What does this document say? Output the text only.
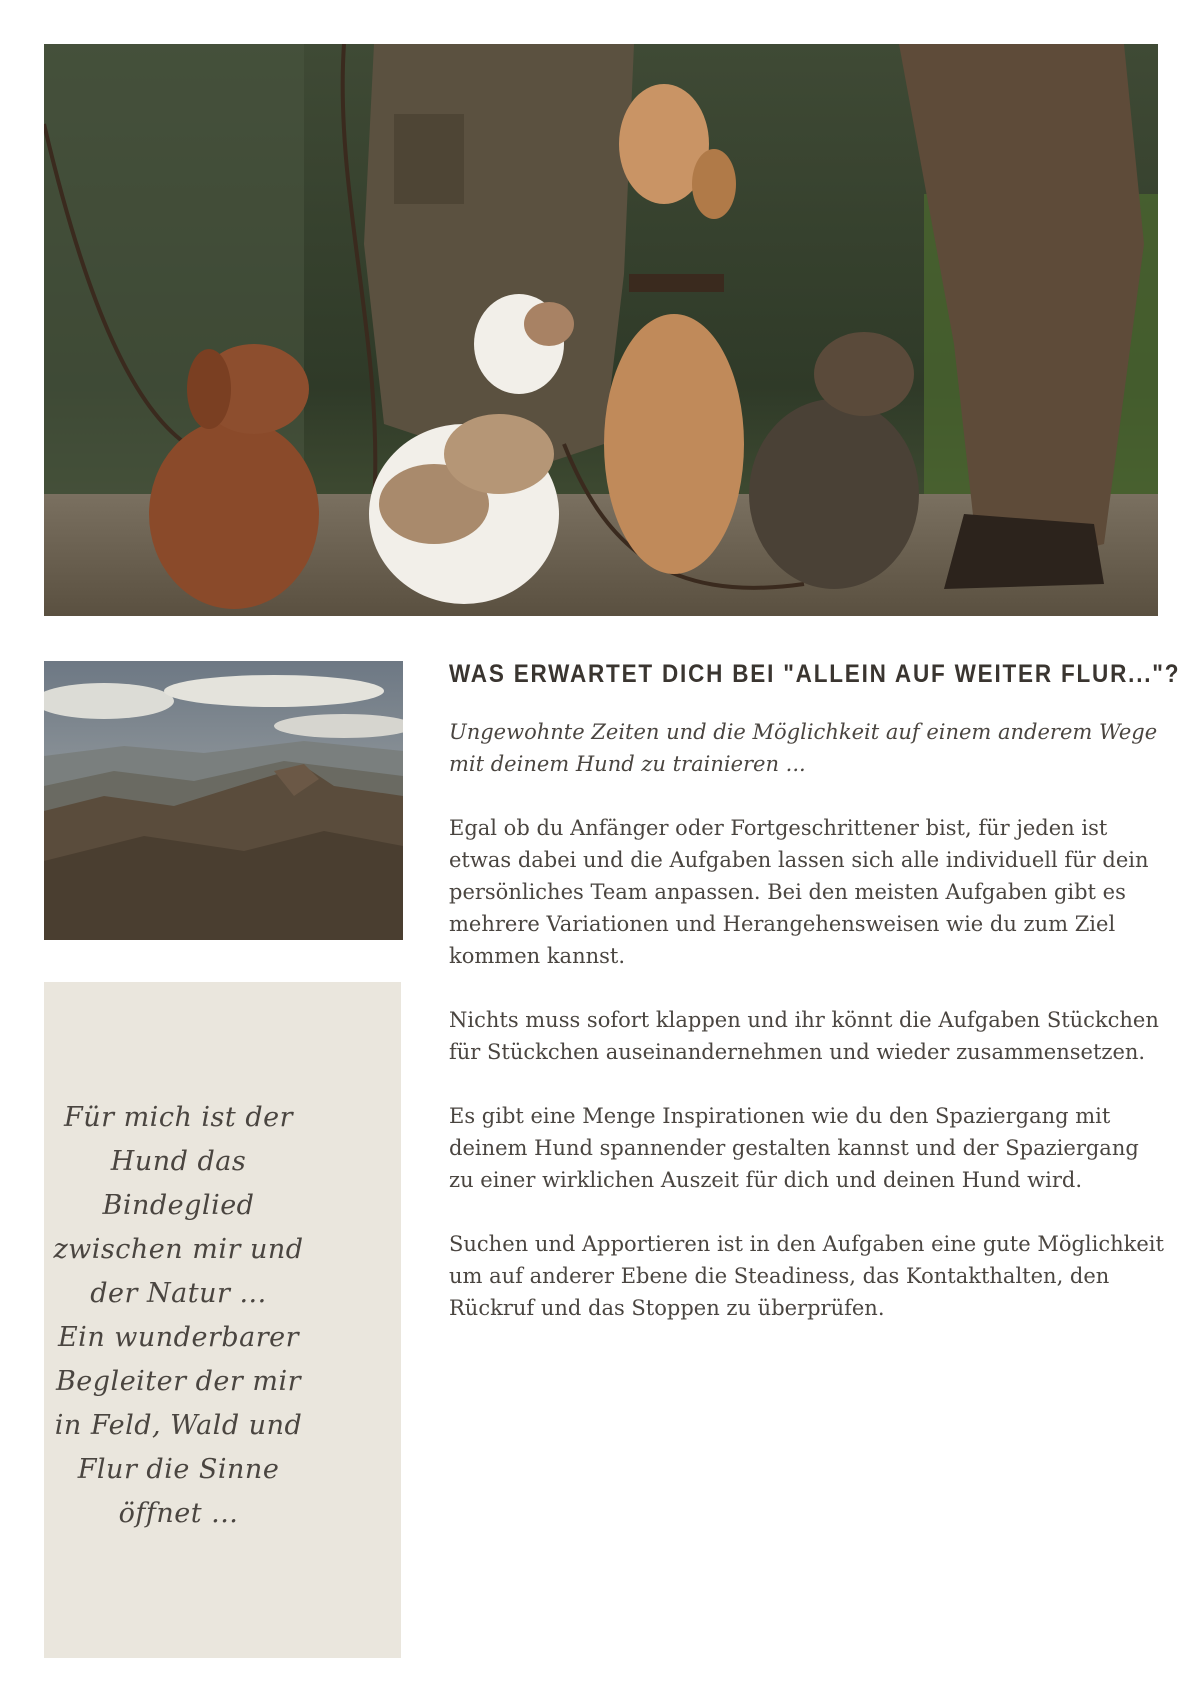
Für mich ist der
Hund das
Bindeglied
zwischen mir und
der Natur ...
Ein wunderbarer
Begleiter der mir
in Feld, Wald und
Flur die Sinne
öffnet ...
WAS ERWARTET DICH BEI "ALLEIN AUF WEITER FLUR..."?

Ungewohnte Zeiten und die Möglichkeit auf einem anderem Wege mit deinem Hund zu trainieren ...

Egal ob du Anfänger oder Fortgeschrittener bist, für jeden ist etwas dabei und die Aufgaben lassen sich alle individuell für dein persönliches Team anpassen. Bei den meisten Aufgaben gibt es mehrere Variationen und Herangehensweisen wie du zum Ziel kommen kannst.

Nichts muss sofort klappen und ihr könnt die Aufgaben Stückchen für Stückchen auseinandernehmen und wieder zusammensetzen.

Es gibt eine Menge Inspirationen wie du den Spaziergang mit deinem Hund spannender gestalten kannst und der Spaziergang zu einer wirklichen Auszeit für dich und deinen Hund wird.

Suchen und Apportieren ist in den Aufgaben eine gute Möglichkeit um auf anderer Ebene die Steadiness, das Kontakthalten, den Rückruf und das Stoppen zu überprüfen.
